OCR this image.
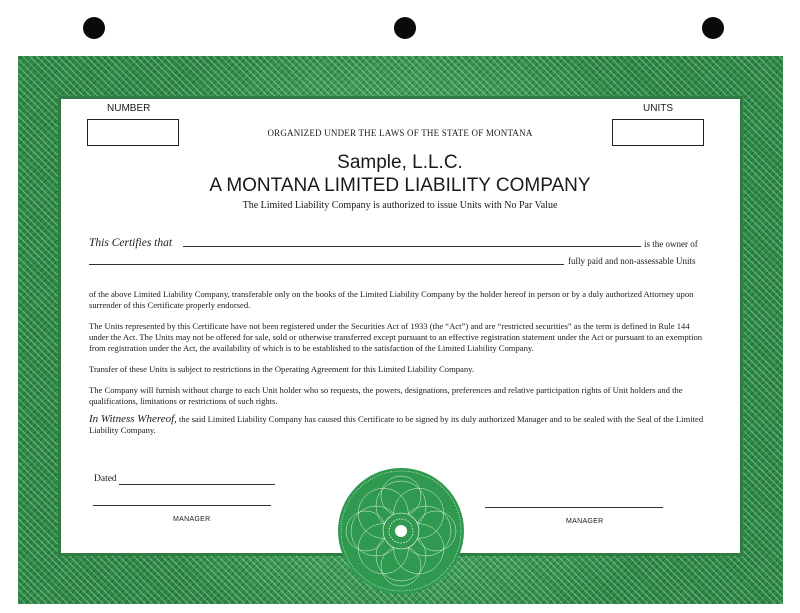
NUMBER	UNITS
ORGANIZED UNDER THE LAWS OF THE STATE OF MONTANA
Sample, L.L.C.
A MONTANA LIMITED LIABILITY COMPANY
The Limited Liability Company is authorized to issue Units with No Par Value
This Certifies that	is the owner of
fully paid and non-assessable Units

of the above Limited Liability Company, transferable only on the books of the Limited Liability Company by the holder hereof in person or by a duly authorized Attorney upon surrender of this Certificate properly endorsed.

The Units represented by this Certificate have not been registered under the Securities Act of 1933 (the “Act”) and are “restricted securities” as the term is defined in Rule 144 under the Act. The Units may not be offered for sale, sold or otherwise transferred except pursuant to an effective registration statement under the Act or pursuant to an exemption from registration under the Act, the availability of which is to be established to the satisfaction of the Limited Liability Company.

Transfer of these Units is subject to restrictions in the Operating Agreement for this Limited Liability Company.

The Company will furnish without charge to each Unit holder who so requests, the powers, designations, preferences and relative participation rights of Unit holders and the qualifications, limitations or restrictions of such rights.

In Witness Whereof, the said Limited Liability Company has caused this Certificate to be signed by its duly authorized Manager and to be sealed with the Seal of the Limited Liability Company.

Dated
MANAGER	MANAGER
